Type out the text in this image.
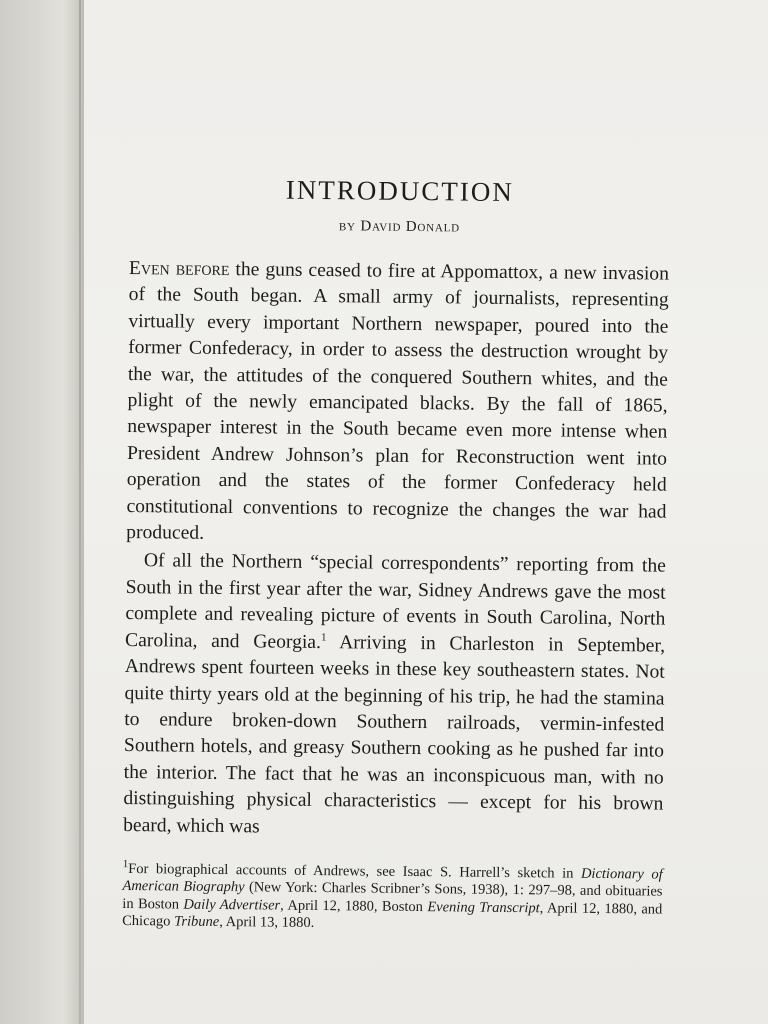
INTRODUCTION
by David Donald

Even before the guns ceased to fire at Appomattox, a new invasion of the South began. A small army of journalists, representing virtually every important Northern newspaper, poured into the former Confederacy, in order to assess the destruction wrought by the war, the attitudes of the conquered Southern whites, and the plight of the newly emancipated blacks. By the fall of 1865, newspaper interest in the South became even more intense when President Andrew Johnson’s plan for Reconstruction went into operation and the states of the former Confederacy held constitutional conventions to recognize the changes the war had produced.

Of all the Northern “special correspondents” reporting from the South in the first year after the war, Sidney Andrews gave the most complete and revealing picture of events in South Carolina, North Carolina, and Georgia.$^1$ Arriving in Charleston in September, Andrews spent fourteen weeks in these key southeastern states. Not quite thirty years old at the beginning of his trip, he had the stamina to endure broken-down Southern railroads, vermin-infested Southern hotels, and greasy Southern cooking as he pushed far into the interior. The fact that he was an inconspicuous man, with no distinguishing physical characteristics — except for his brown beard, which was

$^1$For biographical accounts of Andrews, see Isaac S. Harrell’s sketch in Dictionary of American Biography (New York: Charles Scribner’s Sons, 1938), 1: 297–98, and obituaries in Boston Daily Advertiser, April 12, 1880, Boston Evening Transcript, April 12, 1880, and Chicago Tribune, April 13, 1880.
